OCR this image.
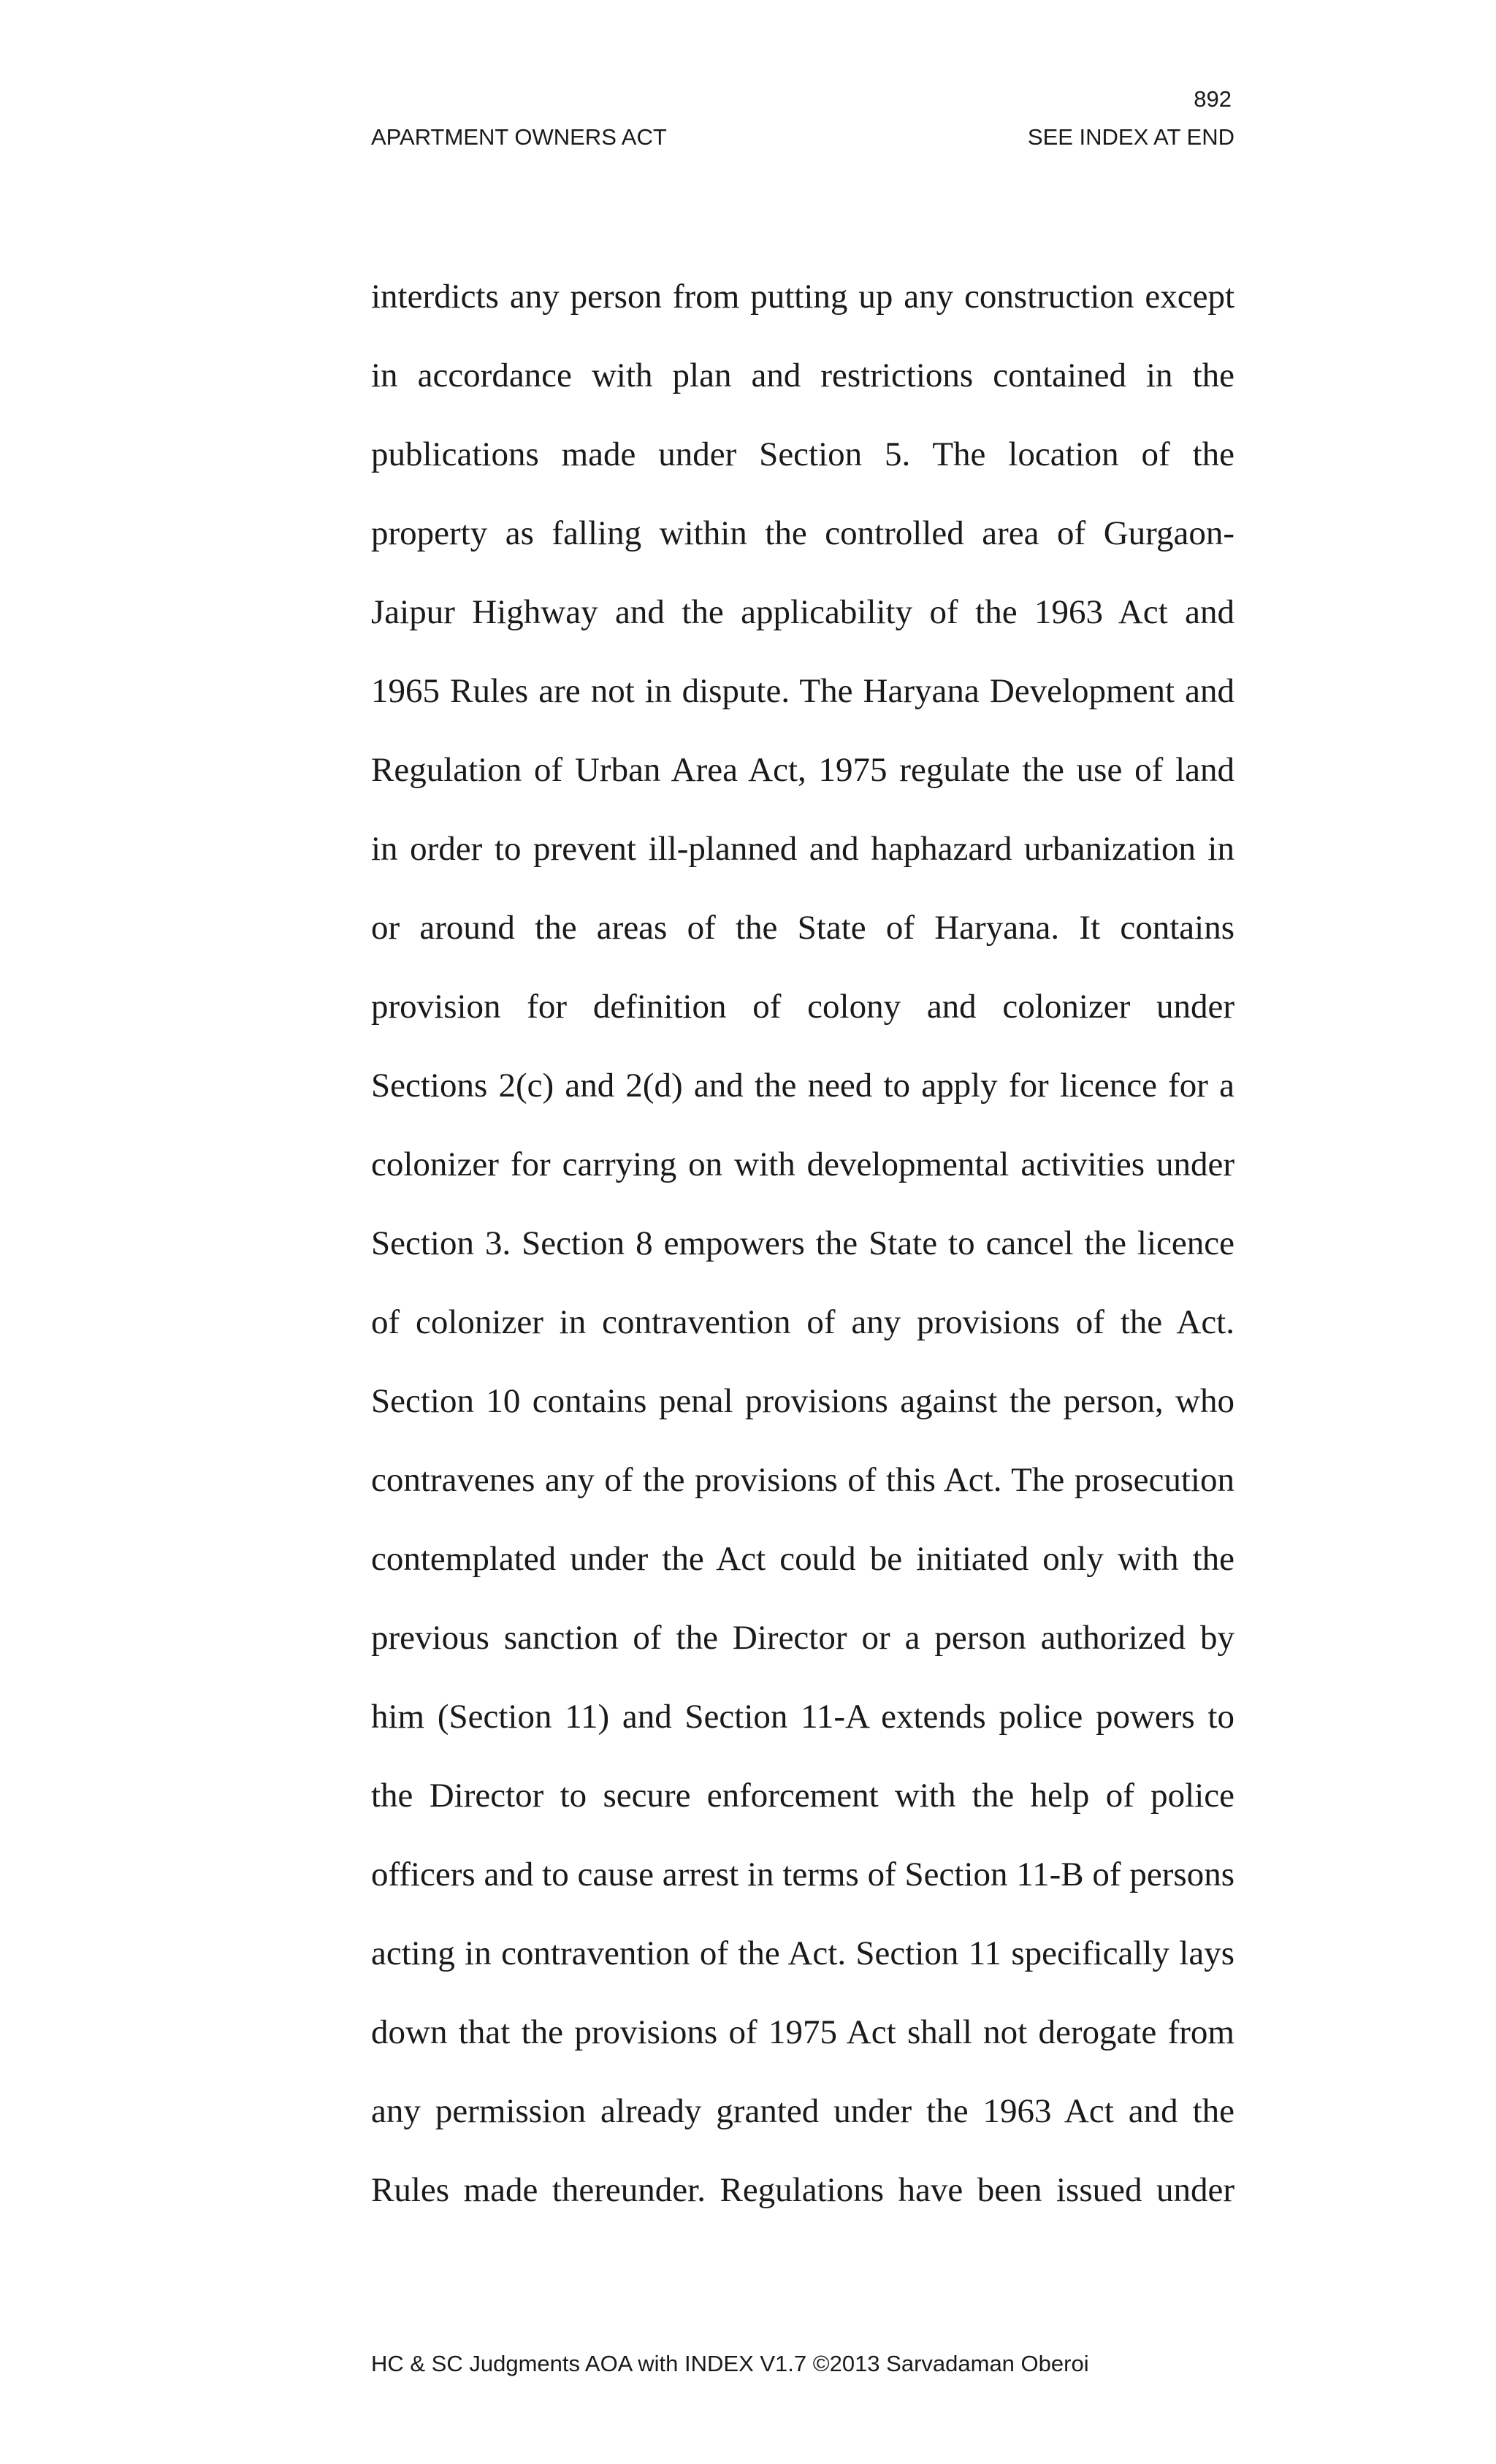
892
APARTMENT OWNERS ACT	SEE INDEX AT END
interdicts any person from putting up any construction except
in accordance with plan and restrictions contained in the
publications made under Section 5. The location of the
property as falling within the controlled area of Gurgaon-
Jaipur Highway and the applicability of the 1963 Act and
1965 Rules are not in dispute. The Haryana Development and
Regulation of Urban Area Act, 1975 regulate the use of land
in order to prevent ill-planned and haphazard urbanization in
or around the areas of the State of Haryana. It contains
provision for definition of colony and colonizer under
Sections 2(c) and 2(d) and the need to apply for licence for a
colonizer for carrying on with developmental activities under
Section 3. Section 8 empowers the State to cancel the licence
of colonizer in contravention of any provisions of the Act.
Section 10 contains penal provisions against the person, who
contravenes any of the provisions of this Act. The prosecution
contemplated under the Act could be initiated only with the
previous sanction of the Director or a person authorized by
him (Section 11) and Section 11-A extends police powers to
the Director to secure enforcement with the help of police
officers and to cause arrest in terms of Section 11-B of persons
acting in contravention of the Act. Section 11 specifically lays
down that the provisions of 1975 Act shall not derogate from
any permission already granted under the 1963 Act and the
Rules made thereunder. Regulations have been issued under
HC & SC Judgments AOA with INDEX V1.7 ©2013 Sarvadaman Oberoi
